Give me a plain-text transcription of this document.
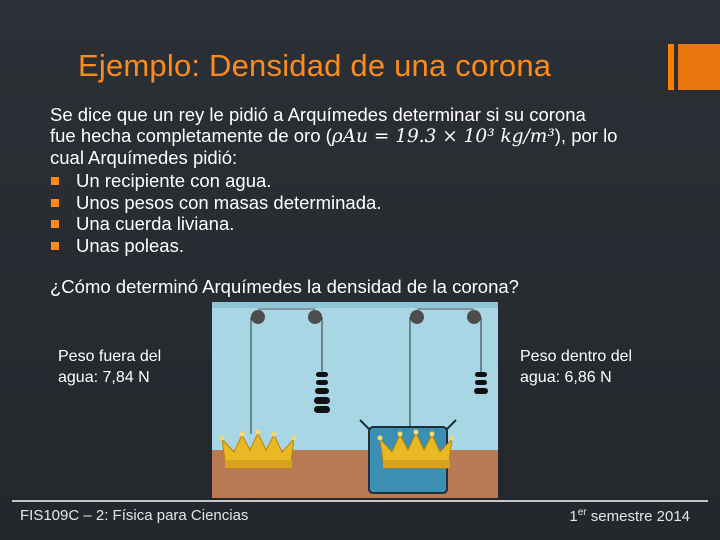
Ejemplo: Densidad de una corona
Se dice que un rey le pidió a Arquímedes determinar si su corona
fue hecha completamente de oro (ρAu = 19.3 × 10³ kg/m³), por lo
cual Arquímedes pidió:
Un recipiente con agua.
Unos pesos con masas determinada.
Una cuerda liviana.
Unas poleas.
¿Cómo determinó Arquímedes la densidad de la corona?
Peso fuera del
agua: 7,84 N
Peso dentro del
agua: 6,86 N
FIS109C – 2: Física para Ciencias	1er semestre 2014
